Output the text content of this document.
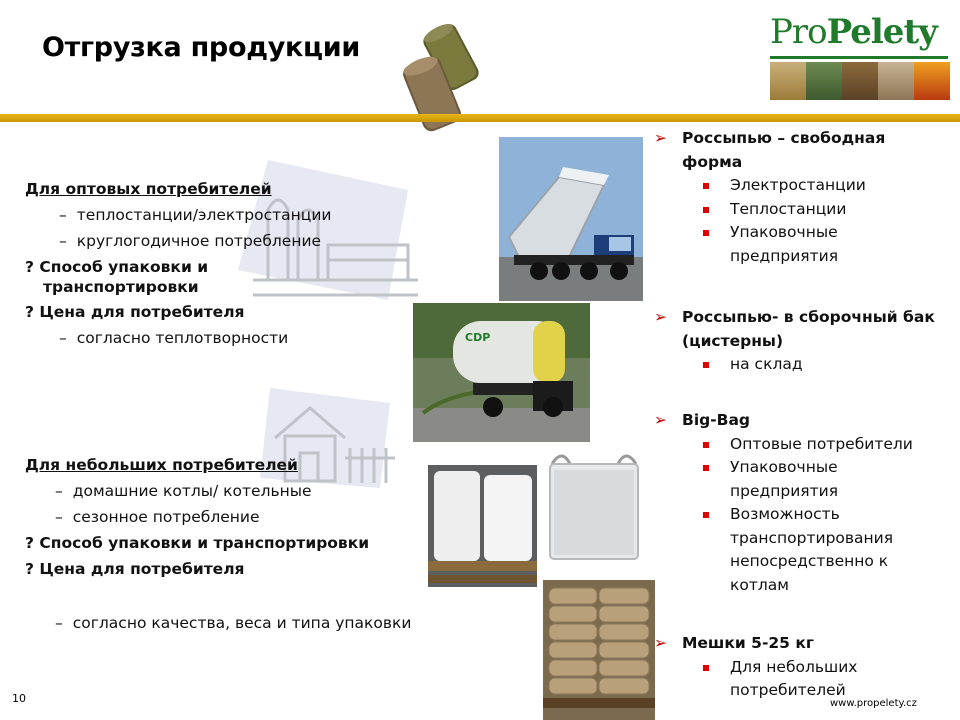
Отгрузка продукции	ProPelety
Для оптовых потребителей
– теплостанции/электростанции
– круглогодичное потребление
? Способ упаковки и
транспортировки
? Цена для потребителя
– согласно теплотворности
Для небольших потребителей
– домашние котлы/ котельные
– сезонное потребление
? Способ упаковки и транспортировки
? Цена для потребителя
– согласно качества, веса и типа упаковки
CDP
➢ Россыпью – свободная
форма
Электростанции
Теплостанции
Упаковочные
предприятия
➢ Россыпью- в сборочный бак
(цистерны)
на склад
➢ Big-Bag
Оптовые потребители
Упаковочные
предприятия
Возможность
транспортирования
непосредственно к
котлам
➢ Мешки 5-25 кг
Для небольших
потребителей
10	www.propelety.cz
